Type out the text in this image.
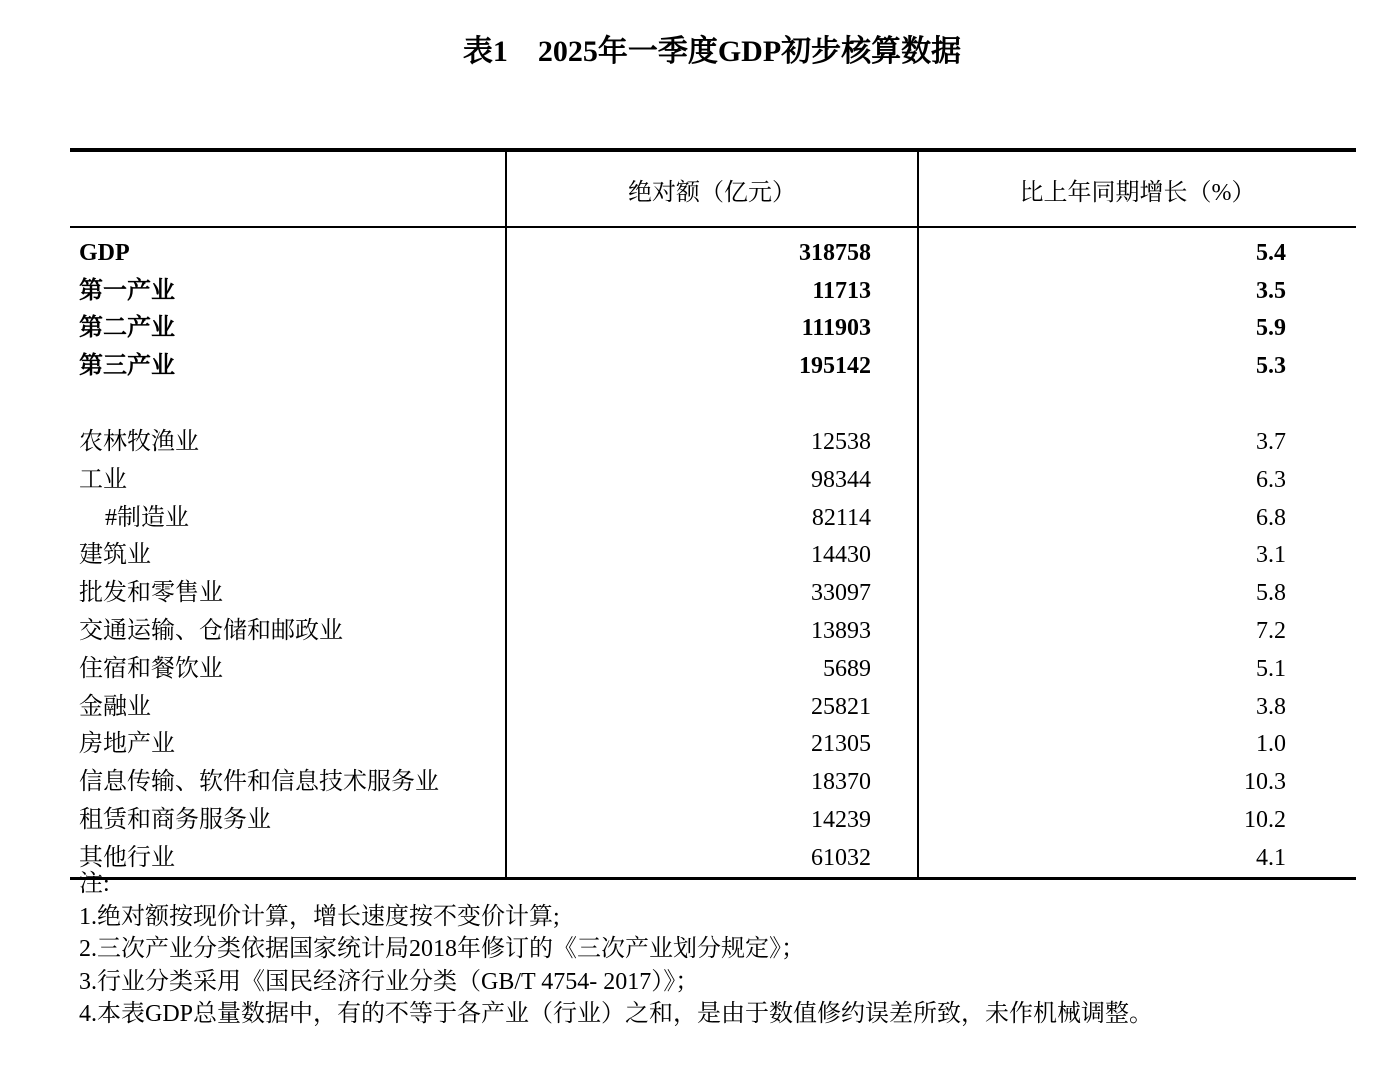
表1　2025年一季度GDP初步核算数据
	绝对额（亿元）	比上年同期增长（%）
GDP	318758	5.4
第一产业	11713	3.5
第二产业	111903	5.9
第三产业	195142	5.3

农林牧渔业	12538	3.7
工业	98344	6.3
#制造业	82114	6.8
建筑业	14430	3.1
批发和零售业	33097	5.8
交通运输、仓储和邮政业	13893	7.2
住宿和餐饮业	5689	5.1
金融业	25821	3.8
房地产业	21305	1.0
信息传输、软件和信息技术服务业	18370	10.3
租赁和商务服务业	14239	10.2
其他行业	61032	4.1
注:
1.绝对额按现价计算，增长速度按不变价计算;
2.三次产业分类依据国家统计局2018年修订的《三次产业划分规定》；
3.行业分类采用《国民经济行业分类（GB/T 4754- 2017）》；
4.本表GDP总量数据中，有的不等于各产业（行业）之和，是由于数值修约误差所致，未作机械调整。
